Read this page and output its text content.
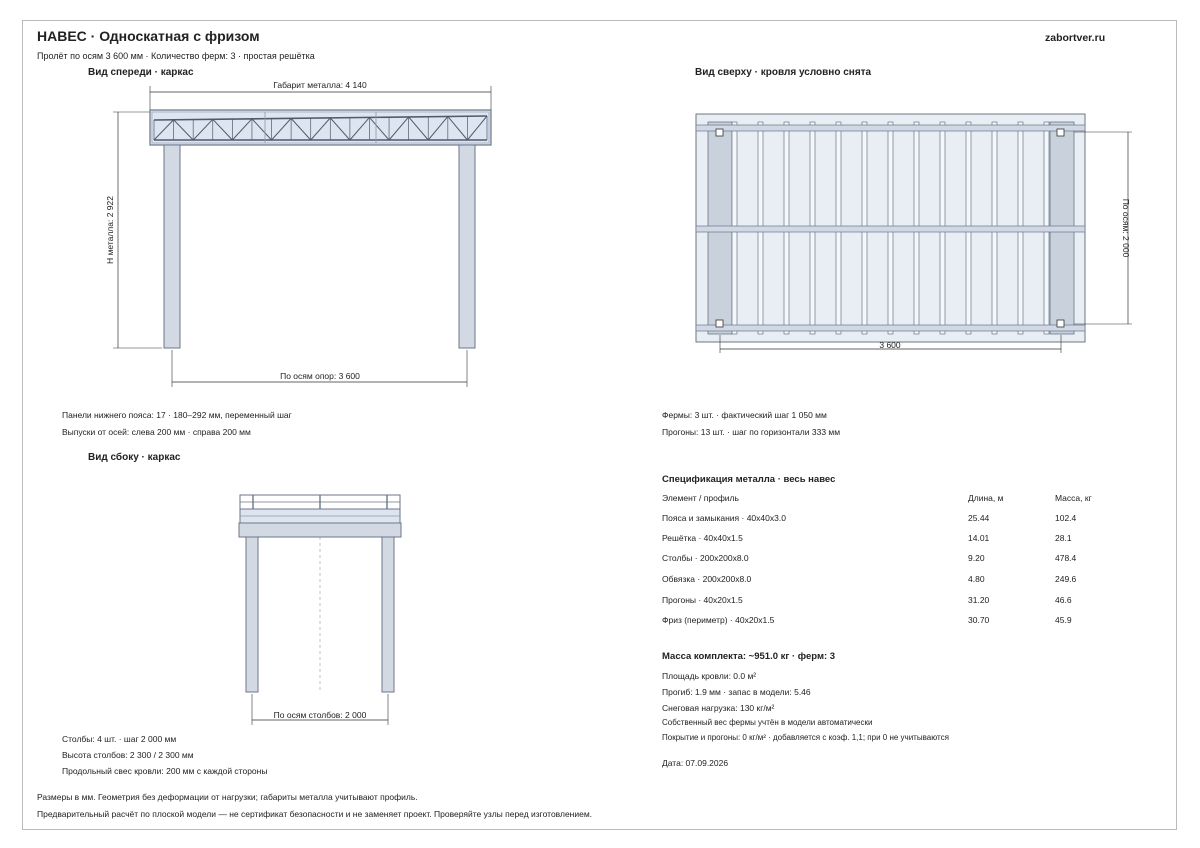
НАВЕС · Односкатная с фризом	zabortver.ru
Пролёт по осям 3 600 мм · Количество ферм: 3 · простая решётка
Вид спереди · каркас
Габарит металла: 4 140
H металла: 2 922
По осям опор: 3 600
Панели нижнего пояса: 17 · 180–292 мм, переменный шаг
Выпуски от осей: слева 200 мм · справа 200 мм
Вид сверху · кровля условно снята
По осям: 2 000
3 600
Фермы: 3 шт. · фактический шаг 1 050 мм
Прогоны: 13 шт. · шаг по горизонтали 333 мм
Вид сбоку · каркас
По осям столбов: 2 000
Столбы: 4 шт. · шаг 2 000 мм
Высота столбов: 2 300 / 2 300 мм
Продольный свес кровли: 200 мм с каждой стороны
Спецификация металла · весь навес
Элемент / профиль	Длина, м	Масса, кг
Пояса и замыкания · 40х40х3.0	25.44	102.4
Решётка · 40х40х1.5	14.01	28.1
Столбы · 200х200х8.0	9.20	478.4
Обвязка · 200х200х8.0	4.80	249.6
Прогоны · 40х20х1.5	31.20	46.6
Фриз (периметр) · 40х20х1.5	30.70	45.9
Масса комплекта: ~951.0 кг · ферм: 3
Площадь кровли: 0.0 м²
Прогиб: 1.9 мм · запас в модели: 5.46
Снеговая нагрузка: 130 кг/м²
Собственный вес фермы учтён в модели автоматически
Покрытие и прогоны: 0 кг/м² · добавляется с коэф. 1,1; при 0 не учитываются
Дата: 07.09.2026
Размеры в мм. Геометрия без деформации от нагрузки; габариты металла учитывают профиль.
Предварительный расчёт по плоской модели — не сертификат безопасности и не заменяет проект. Проверяйте узлы перед изготовлением.
